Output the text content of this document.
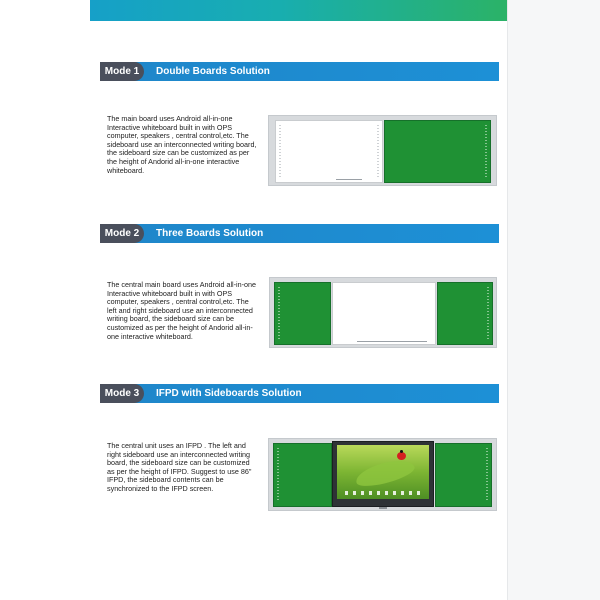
Mode 1	Double Boards Solution

The main board uses Android all-in-one Interactive whiteboard built in with OPS computer, speakers , central control,etc. The sideboard use an interconnected writing board, the sideboard size can be customized as per the height of Andorid all-in-one interactive whiteboard.

Mode 2	Three Boards Solution

The central main board uses Android all-in-one Interactive whiteboard built in with OPS computer, speakers , central control,etc. The left and right sideboard use an interconnected writing board, the sideboard size can be customized as per the height of Andorid all-in-one interactive whiteboard.

Mode 3	IFPD with Sideboards Solution

The central unit uses an IFPD . The left and right sideboard use an interconnected writing board, the sideboard size can be customized as per the height of IFPD. Suggest to use 86" IFPD, the sideboard contents can be synchronized to the IFPD screen.
